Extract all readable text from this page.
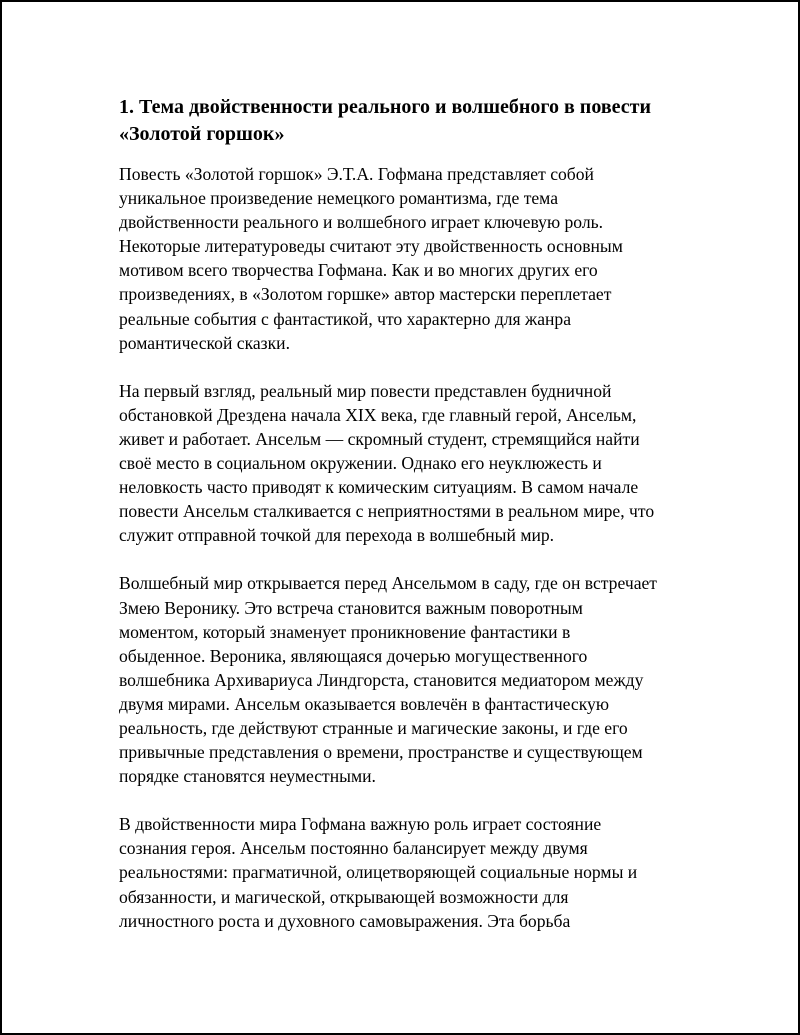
1. Тема двойственности реального и волшебного в повести
«Золотой горшок»

Повесть «Золотой горшок» Э.Т.А. Гофмана представляет собой
уникальное произведение немецкого романтизма, где тема
двойственности реального и волшебного играет ключевую роль.
Некоторые литературоведы считают эту двойственность основным
мотивом всего творчества Гофмана. Как и во многих других его
произведениях, в «Золотом горшке» автор мастерски переплетает
реальные события с фантастикой, что характерно для жанра
романтической сказки.

На первый взгляд, реальный мир повести представлен будничной
обстановкой Дрездена начала XIX века, где главный герой, Ансельм,
живет и работает. Ансельм — скромный студент, стремящийся найти
своё место в социальном окружении. Однако его неуклюжесть и
неловкость часто приводят к комическим ситуациям. В самом начале
повести Ансельм сталкивается с неприятностями в реальном мире, что
служит отправной точкой для перехода в волшебный мир.

Волшебный мир открывается перед Ансельмом в саду, где он встречает
Змею Веронику. Это встреча становится важным поворотным
моментом, который знаменует проникновение фантастики в
обыденное. Вероника, являющаяся дочерью могущественного
волшебника Архивариуса Линдгорста, становится медиатором между
двумя мирами. Ансельм оказывается вовлечён в фантастическую
реальность, где действуют странные и магические законы, и где его
привычные представления о времени, пространстве и существующем
порядке становятся неуместными.

В двойственности мира Гофмана важную роль играет состояние
сознания героя. Ансельм постоянно балансирует между двумя
реальностями: прагматичной, олицетворяющей социальные нормы и
обязанности, и магической, открывающей возможности для
личностного роста и духовного самовыражения. Эта борьба
